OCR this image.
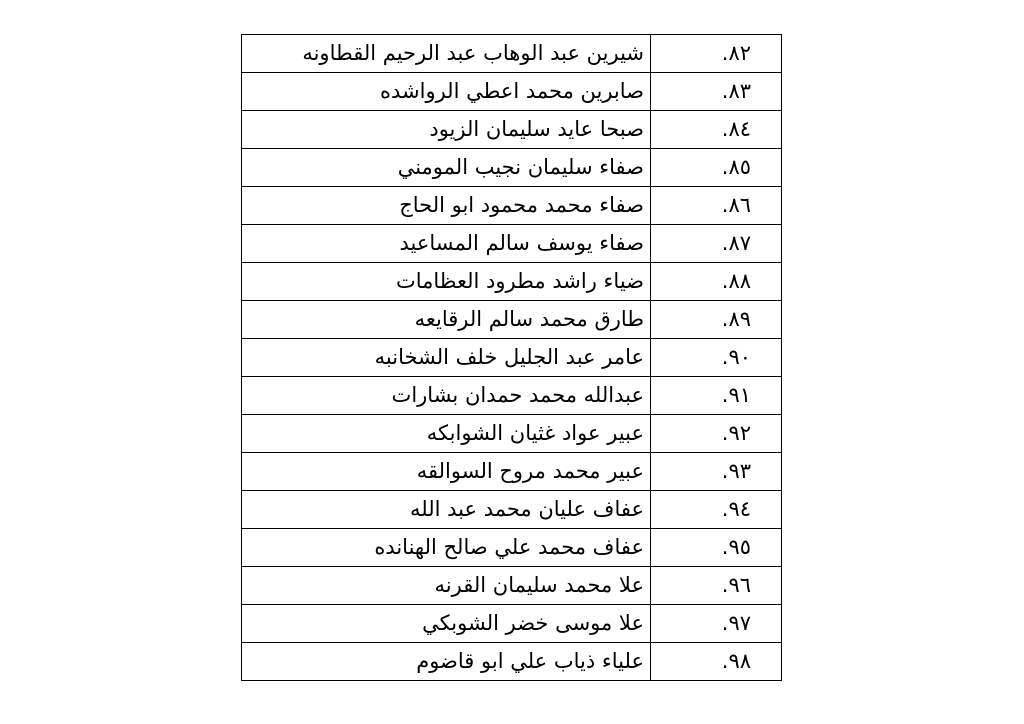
٨٢.	شيرين عبد الوهاب عبد الرحيم القطاونه
٨٣.	صابرين محمد اعطي الرواشده
٨٤.	صبحا عايد سليمان الزيود
٨٥.	صفاء سليمان نجيب المومني
٨٦.	صفاء محمد محمود ابو الحاج
٨٧.	صفاء يوسف سالم المساعيد
٨٨.	ضياء راشد مطرود العظامات
٨٩.	طارق محمد سالم الرقايعه
٩٠.	عامر عبد الجليل خلف الشخانبه
٩١.	عبدالله محمد حمدان بشارات
٩٢.	عبير عواد غثيان الشوابكه
٩٣.	عبير محمد مروح السوالقه
٩٤.	عفاف عليان محمد عبد الله
٩٥.	عفاف محمد علي صالح الهنانده
٩٦.	علا محمد سليمان القرنه
٩٧.	علا موسى خضر الشوبكي
٩٨.	علياء ذياب علي ابو قاضوم
